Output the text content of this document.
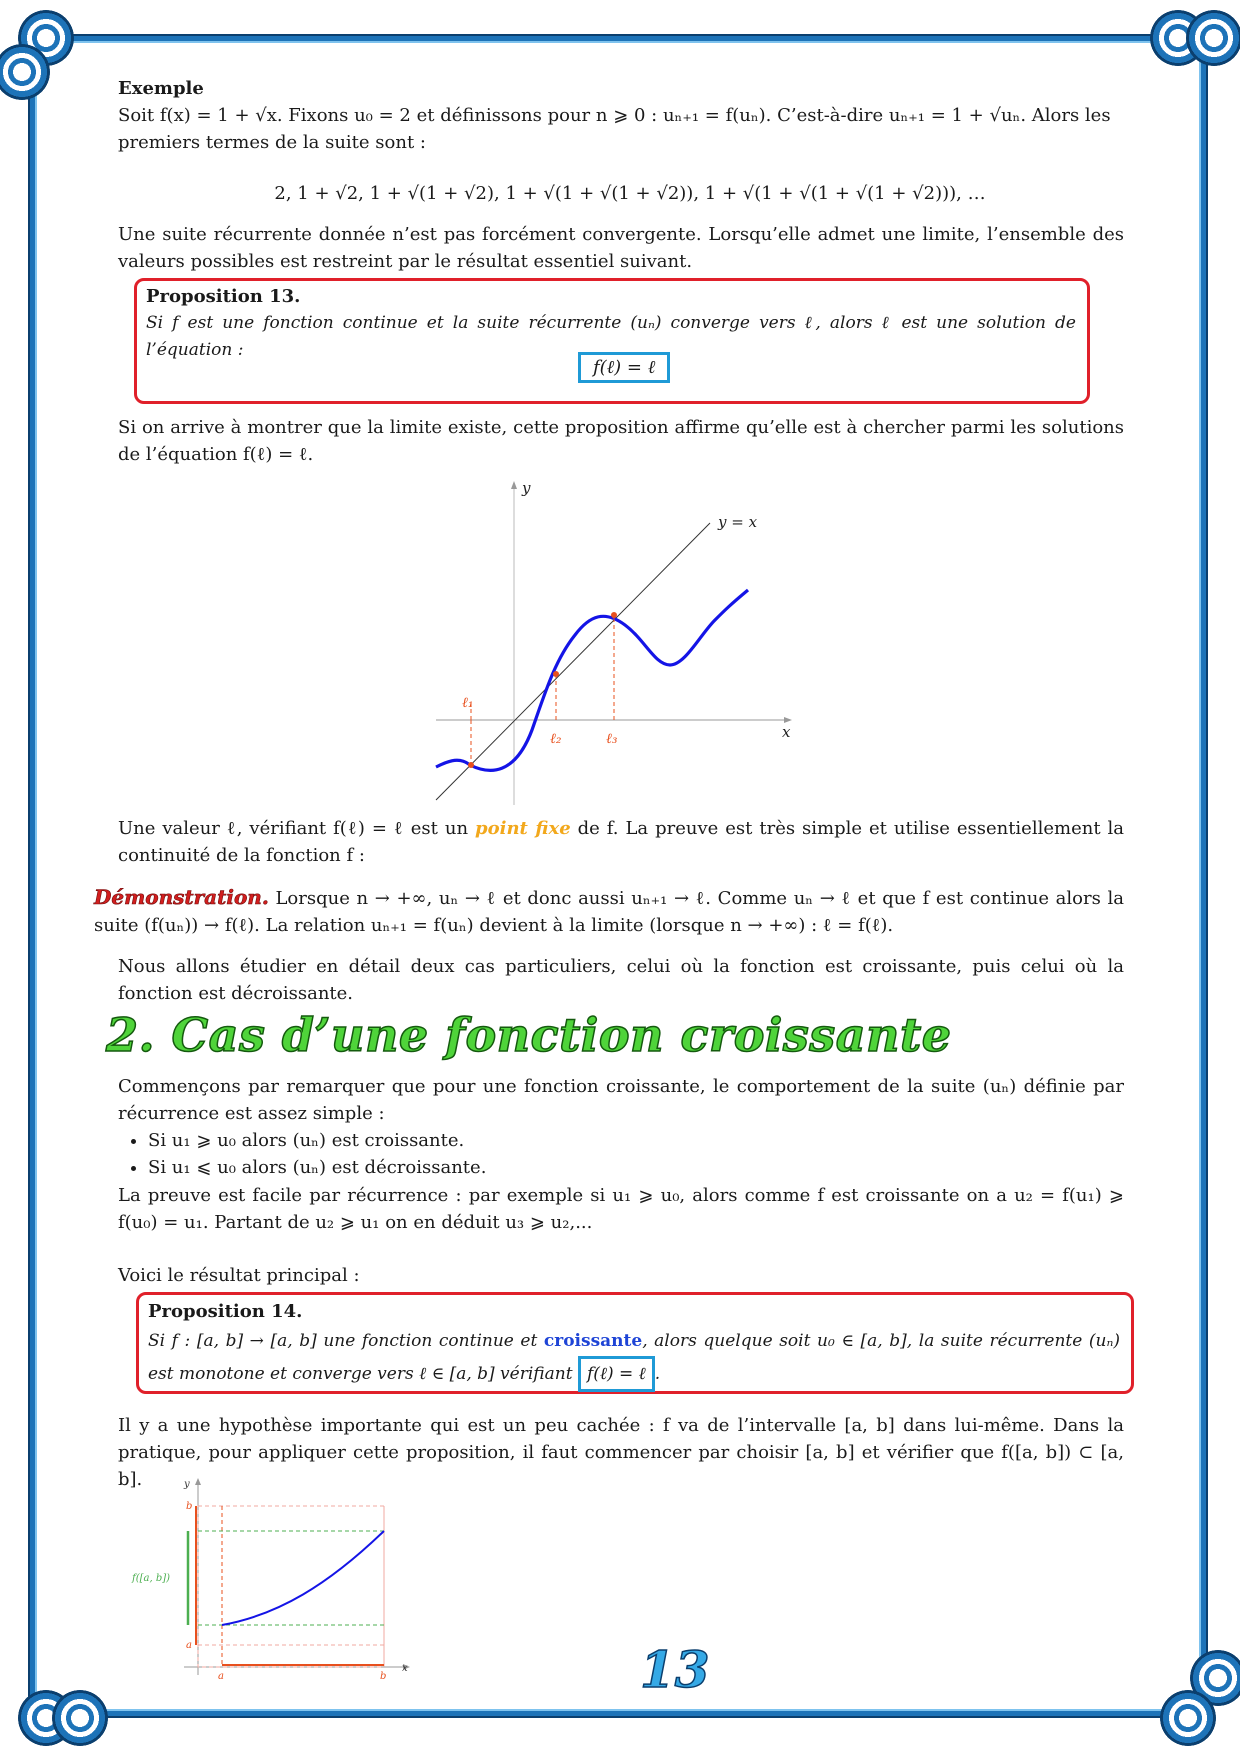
Exemple
Soit f(x) = 1 + √x. Fixons u₀ = 2 et définissons pour n ⩾ 0 : uₙ₊₁ = f(uₙ). C’est-à-dire uₙ₊₁ = 1 + √uₙ. Alors les
premiers termes de la suite sont :
2, 1 + √2, 1 + √(1 + √2), 1 + √(1 + √(1 + √2)), 1 + √(1 + √(1 + √(1 + √2))), …
Une suite récurrente donnée n’est pas forcément convergente. Lorsqu’elle admet une limite, l’ensemble des valeurs possibles est restreint par le résultat essentiel suivant.
Proposition 13.
Si f est une fonction continue et la suite récurrente (uₙ) converge vers ℓ, alors ℓ est une solution de l’équation :
f(ℓ) = ℓ
Si on arrive à montrer que la limite existe, cette proposition affirme qu’elle est à chercher parmi les solutions de l’équation f(ℓ) = ℓ.
y
x
y = x
ℓ₁
ℓ₂	ℓ₃
Une valeur ℓ, vérifiant f(ℓ) = ℓ est un point fixe de f. La preuve est très simple et utilise essentiellement la continuité de la fonction f :
Démonstration. Lorsque n → +∞, uₙ → ℓ et donc aussi uₙ₊₁ → ℓ. Comme uₙ → ℓ et que f est continue alors la suite (f(uₙ)) → f(ℓ). La relation uₙ₊₁ = f(uₙ) devient à la limite (lorsque n → +∞) : ℓ = f(ℓ).
Nous allons étudier en détail deux cas particuliers, celui où la fonction est croissante, puis celui où la fonction est décroissante.
2. Cas d’une fonction croissante
Commençons par remarquer que pour une fonction croissante, le comportement de la suite (uₙ) définie par récurrence est assez simple :
• Si u₁ ⩾ u₀ alors (uₙ) est croissante.
• Si u₁ ⩽ u₀ alors (uₙ) est décroissante.
La preuve est facile par récurrence : par exemple si u₁ ⩾ u₀, alors comme f est croissante on a u₂ = f(u₁) ⩾ f(u₀) = u₁. Partant de u₂ ⩾ u₁ on en déduit u₃ ⩾ u₂,...
Voici le résultat principal :
Proposition 14.
Si f : [a, b] → [a, b] une fonction continue et croissante, alors quelque soit u₀ ∈ [a, b], la suite récurrente (uₙ) est monotone et converge vers ℓ ∈ [a, b] vérifiant f(ℓ) = ℓ .
Il y a une hypothèse importante qui est un peu cachée : f va de l’intervalle [a, b] dans lui-même. Dans la pratique, pour appliquer cette proposition, il faut commencer par choisir [a, b] et vérifier que f([a, b]) ⊂ [a, b].	y
x
b
a
f([a, b])
a	b	13
